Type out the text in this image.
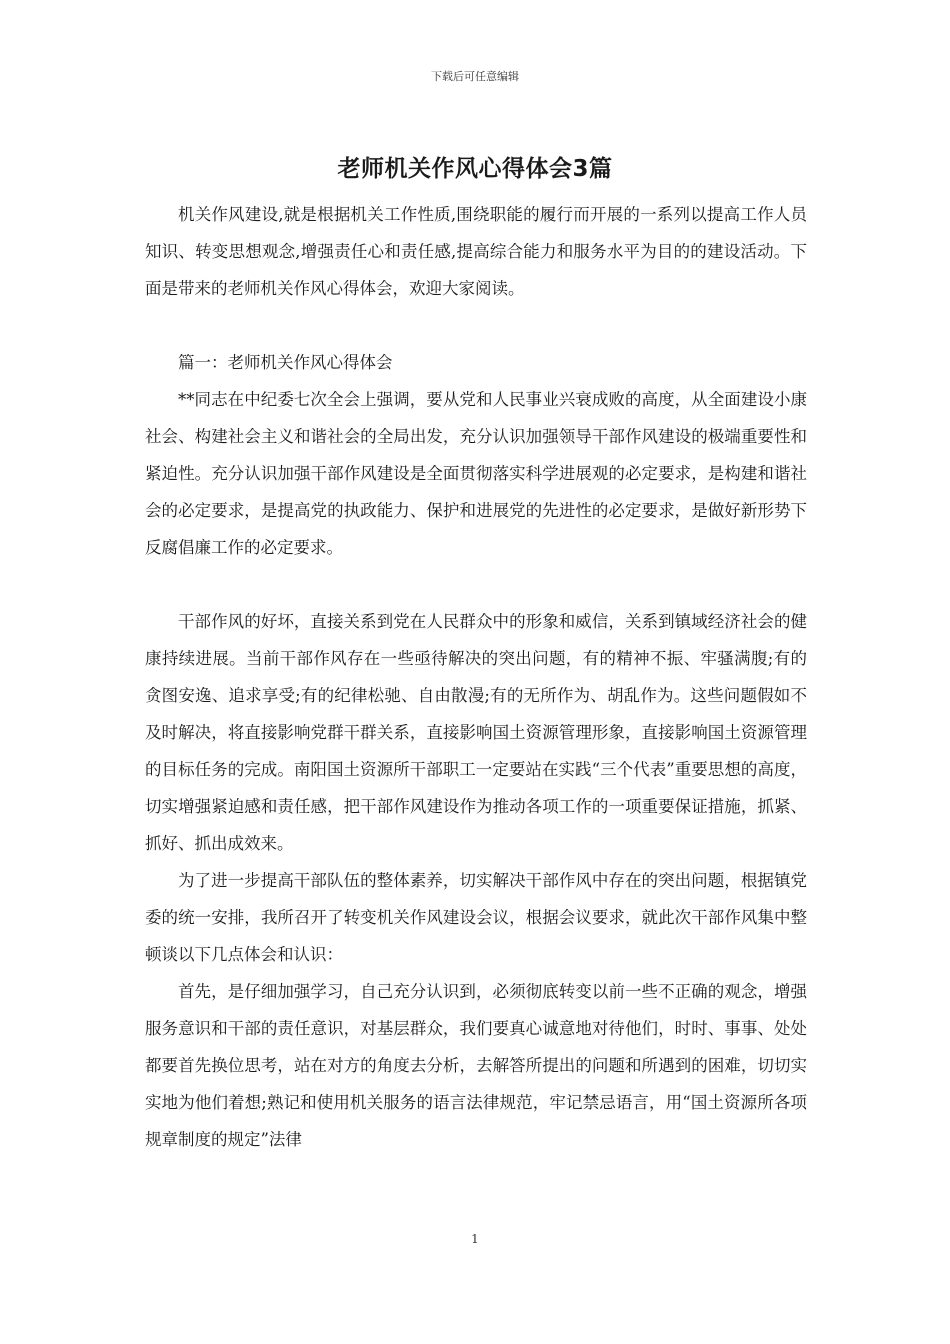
下载后可任意编辑
老师机关作风心得体会3篇

机关作风建设,就是根据机关工作性质,围绕职能的履行而开展的一系列以提高工作人员知识、转变思想观念,增强责任心和责任感,提高综合能力和服务水平为目的的建设活动。下面是带来的老师机关作风心得体会，欢迎大家阅读。

篇一：老师机关作风心得体会

**同志在中纪委七次全会上强调，要从党和人民事业兴衰成败的高度，从全面建设小康社会、构建社会主义和谐社会的全局出发，充分认识加强领导干部作风建设的极端重要性和紧迫性。充分认识加强干部作风建设是全面贯彻落实科学进展观的必定要求，是构建和谐社会的必定要求，是提高党的执政能力、保护和进展党的先进性的必定要求，是做好新形势下反腐倡廉工作的必定要求。

干部作风的好坏，直接关系到党在人民群众中的形象和威信，关系到镇域经济社会的健康持续进展。当前干部作风存在一些亟待解决的突出问题，有的精神不振、牢骚满腹;有的贪图安逸、追求享受;有的纪律松驰、自由散漫;有的无所作为、胡乱作为。这些问题假如不及时解决，将直接影响党群干群关系，直接影响国土资源管理形象，直接影响国土资源管理的目标任务的完成。南阳国土资源所干部职工一定要站在实践“三个代表”重要思想的高度，切实增强紧迫感和责任感，把干部作风建设作为推动各项工作的一项重要保证措施，抓紧、抓好、抓出成效来。

为了进一步提高干部队伍的整体素养，切实解决干部作风中存在的突出问题，根据镇党委的统一安排，我所召开了转变机关作风建设会议，根据会议要求，就此次干部作风集中整顿谈以下几点体会和认识：

首先，是仔细加强学习，自己充分认识到，必须彻底转变以前一些不正确的观念，增强服务意识和干部的责任意识，对基层群众，我们要真心诚意地对待他们，时时、事事、处处都要首先换位思考，站在对方的角度去分析，去解答所提出的问题和所遇到的困难，切切实实地为他们着想;熟记和使用机关服务的语言法律规范，牢记禁忌语言，用“国土资源所各项规章制度的规定”法律

1
